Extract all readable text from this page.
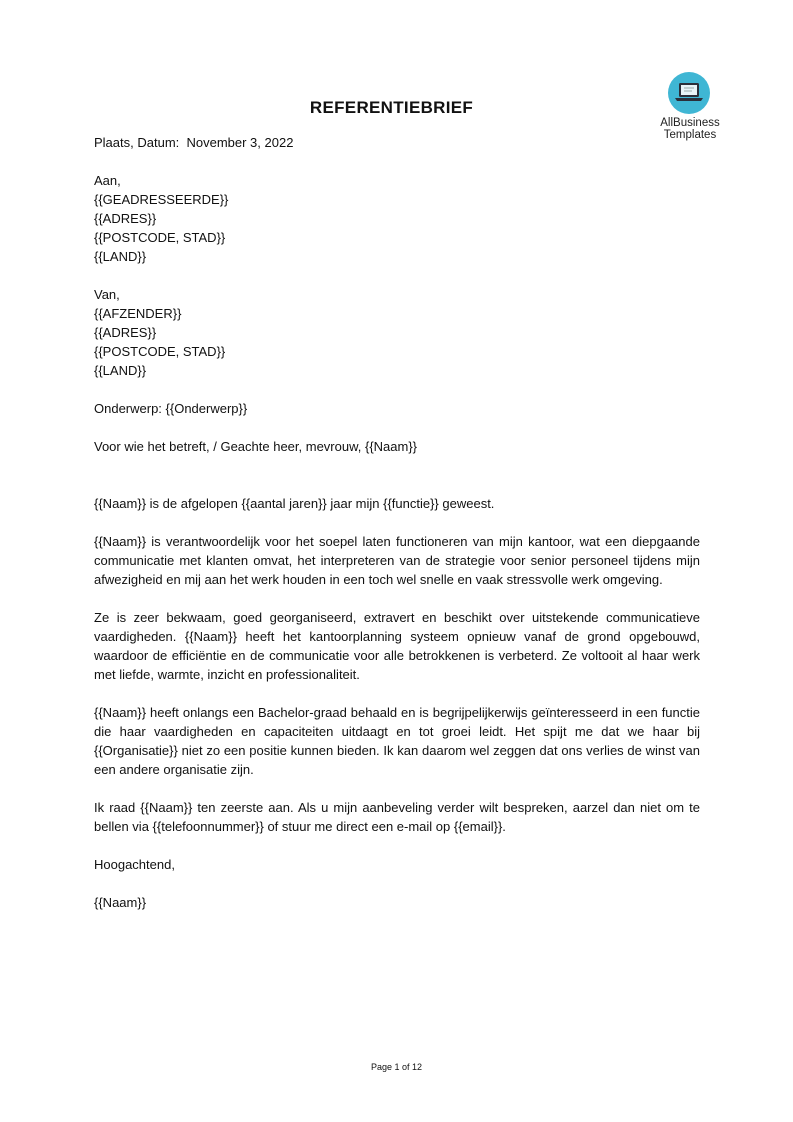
REFERENTIEBRIEF
AllBusiness
Templates
Plaats, Datum:  November 3, 2022
Aan,
{{GEADRESSEERDE}}
{{ADRES}}
{{POSTCODE, STAD}}
{{LAND}}
Van,
{{AFZENDER}}
{{ADRES}}
{{POSTCODE, STAD}}
{{LAND}}
Onderwerp: {{Onderwerp}}
Voor wie het betreft, / Geachte heer, mevrouw, {{Naam}}
{{Naam}} is de afgelopen {{aantal jaren}} jaar mijn {{functie}} geweest.
{{Naam}} is verantwoordelijk voor het soepel laten functioneren van mijn kantoor, wat een diepgaande communicatie met klanten omvat, het interpreteren van de strategie voor senior personeel tijdens mijn afwezigheid en mij aan het werk houden in een toch wel snelle en vaak stressvolle werk omgeving.
Ze is zeer bekwaam, goed georganiseerd, extravert en beschikt over uitstekende communicatieve vaardigheden. {{Naam}} heeft het kantoorplanning systeem opnieuw vanaf de grond opgebouwd, waardoor de efficiëntie en de communicatie voor alle betrokkenen is verbeterd. Ze voltooit al haar werk met liefde, warmte, inzicht en professionaliteit.
{{Naam}} heeft onlangs een Bachelor-graad behaald en is begrijpelijkerwijs geïnteresseerd in een functie die haar vaardigheden en capaciteiten uitdaagt en tot groei leidt. Het spijt me dat we haar bij {{Organisatie}} niet zo een positie kunnen bieden. Ik kan daarom wel zeggen dat ons verlies de winst van een andere organisatie zijn.
Ik raad {{Naam}} ten zeerste aan. Als u mijn aanbeveling verder wilt bespreken, aarzel dan niet om te bellen via {{telefoonnummer}} of stuur me direct een e-mail op {{email}}.
Hoogachtend,
{{Naam}}
Page 1 of 12
